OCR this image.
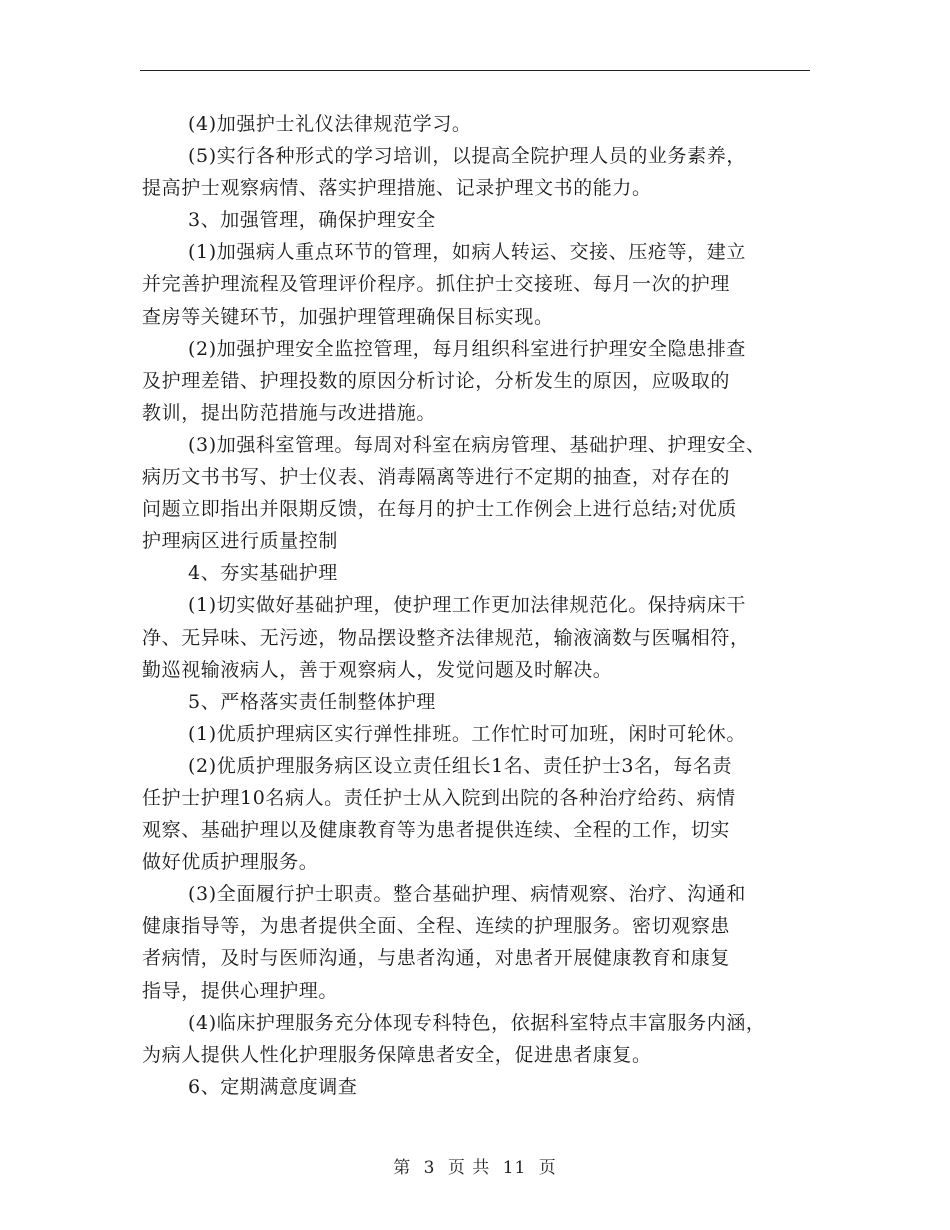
(4)加强护士礼仪法律规范学习。
(5)实行各种形式的学习培训，以提高全院护理人员的业务素养，
提高护士观察病情、落实护理措施、记录护理文书的能力。
3、加强管理，确保护理安全
(1)加强病人重点环节的管理，如病人转运、交接、压疮等，建立
并完善护理流程及管理评价程序。抓住护士交接班、每月一次的护理
查房等关键环节，加强护理管理确保目标实现。
(2)加强护理安全监控管理，每月组织科室进行护理安全隐患排查
及护理差错、护理投数的原因分析讨论，分析发生的原因，应吸取的
教训，提出防范措施与改进措施。
(3)加强科室管理。每周对科室在病房管理、基础护理、护理安全、
病历文书书写、护士仪表、消毒隔离等进行不定期的抽查，对存在的
问题立即指出并限期反馈，在每月的护士工作例会上进行总结;对优质
护理病区进行质量控制
4、夯实基础护理
(1)切实做好基础护理，使护理工作更加法律规范化。保持病床干
净、无异味、无污迹，物品摆设整齐法律规范，输液滴数与医嘱相符，
勤巡视输液病人，善于观察病人，发觉问题及时解决。
5、严格落实责任制整体护理
(1)优质护理病区实行弹性排班。工作忙时可加班，闲时可轮休。
(2)优质护理服务病区设立责任组长1名、责任护士3名，每名责
任护士护理10名病人。责任护士从入院到出院的各种治疗给药、病情
观察、基础护理以及健康教育等为患者提供连续、全程的工作，切实
做好优质护理服务。
(3)全面履行护士职责。整合基础护理、病情观察、治疗、沟通和
健康指导等，为患者提供全面、全程、连续的护理服务。密切观察患
者病情，及时与医师沟通，与患者沟通，对患者开展健康教育和康复
指导，提供心理护理。
(4)临床护理服务充分体现专科特色，依据科室特点丰富服务内涵，
为病人提供人性化护理服务保障患者安全，促进患者康复。
6、定期满意度调查
第 3 页 共 11 页
